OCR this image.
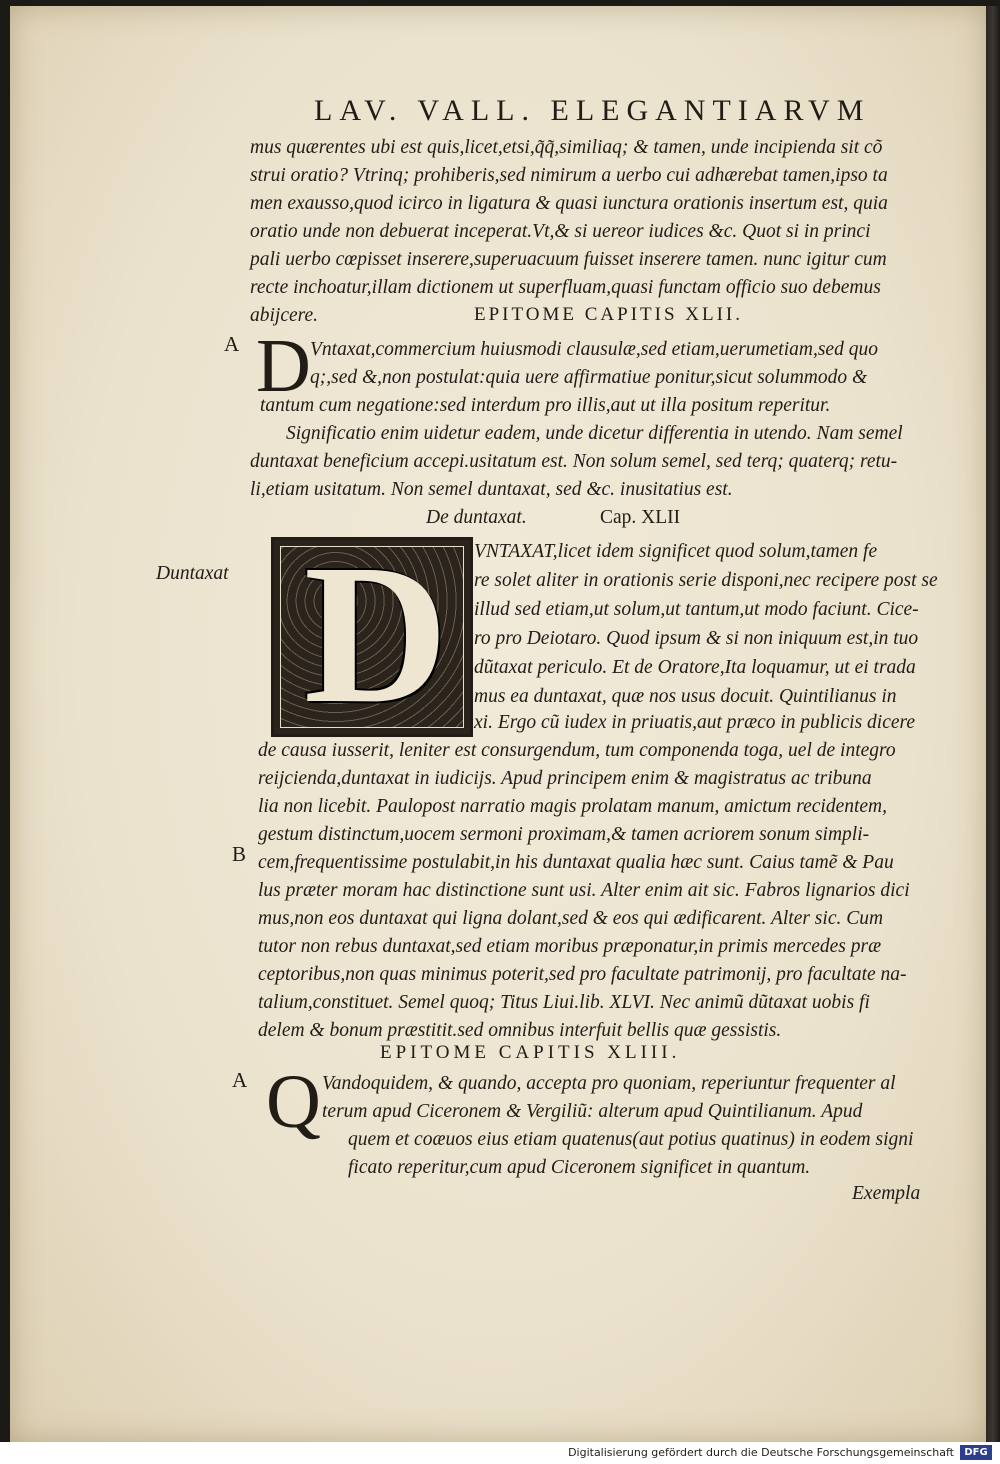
LAV. VALL. ELEGANTIARVM
mus quærentes ubi est quis,licet,etsi,q̃q̃,similiaq; & tamen, unde incipienda sit cõ
strui oratio? Vtrinq; prohiberis,sed nimirum a uerbo cui adhærebat tamen,ipso ta
men exausso,quod icirco in ligatura & quasi iunctura orationis insertum est, quia
oratio unde non debuerat inceperat.Vt,& si uereor iudices &c. Quot si in princi
pali uerbo cœpisset inserere,superuacuum fuisset inserere tamen. nunc igitur cum
recte inchoatur,illam dictionem ut superfluam,quasi functam officio suo debemus
abijcere.	EPITOME CAPITIS XLII.
A D Vntaxat,commercium huiusmodi clausulæ,sed etiam,uerumetiam,sed quo
q;,sed &,non postulat:quia uere affirmatiue ponitur,sicut solummodo &
tantum cum negatione:sed interdum pro illis,aut ut illa positum reperitur.
Significatio enim uidetur eadem, unde dicetur differentia in utendo. Nam semel
duntaxat beneficium accepi.usitatum est. Non solum semel, sed terq; quaterq; retu-
li,etiam usitatum. Non semel duntaxat, sed &c. inusitatius est.
De duntaxat.	Cap. XLII
Duntaxat D	VNTAXAT,licet idem significet quod solum,tamen fe
re solet aliter in orationis serie disponi,nec recipere post se
illud sed etiam,ut solum,ut tantum,ut modo faciunt. Cice-
ro pro Deiotaro. Quod ipsum & si non iniquum est,in tuo
dũtaxat periculo. Et de Oratore,Ita loquamur, ut ei trada
mus ea duntaxat, quæ nos usus docuit. Quintilianus in
xi. Ergo cũ iudex in priuatis,aut præco in publicis dicere
de causa iusserit, leniter est consurgendum, tum componenda toga, uel de integro
reijcienda,duntaxat in iudicijs. Apud principem enim & magistratus ac tribuna
lia non licebit. Paulopost narratio magis prolatam manum, amictum recidentem,
gestum distinctum,uocem sermoni proximam,& tamen acriorem sonum simpli-
cem,frequentissime postulabit,in his duntaxat qualia hæc sunt. Caius tamẽ & Pau
lus præter moram hac distinctione sunt usi. Alter enim ait sic. Fabros lignarios dici
mus,non eos duntaxat qui ligna dolant,sed & eos qui ædificarent. Alter sic. Cum
tutor non rebus duntaxat,sed etiam moribus præponatur,in primis mercedes præ
ceptoribus,non quas minimus poterit,sed pro facultate patrimonij, pro facultate na-
talium,constituet. Semel quoq; Titus Liui.lib. XLVI. Nec animũ dũtaxat uobis fi
delem & bonum præstitit.sed omnibus interfuit bellis quæ gessistis.
B
EPITOME CAPITIS XLIII.
A Q Vandoquidem, & quando, accepta pro quoniam, reperiuntur frequenter al
terum apud Ciceronem & Vergiliũ: alterum apud Quintilianum. Apud
quem et coæuos eius etiam quatenus(aut potius quatinus) in eodem signi
ficato reperitur,cum apud Ciceronem significet in quantum.
Exempla
Digitalisierung gefördert durch die Deutsche Forschungsgemeinschaft	DFG
